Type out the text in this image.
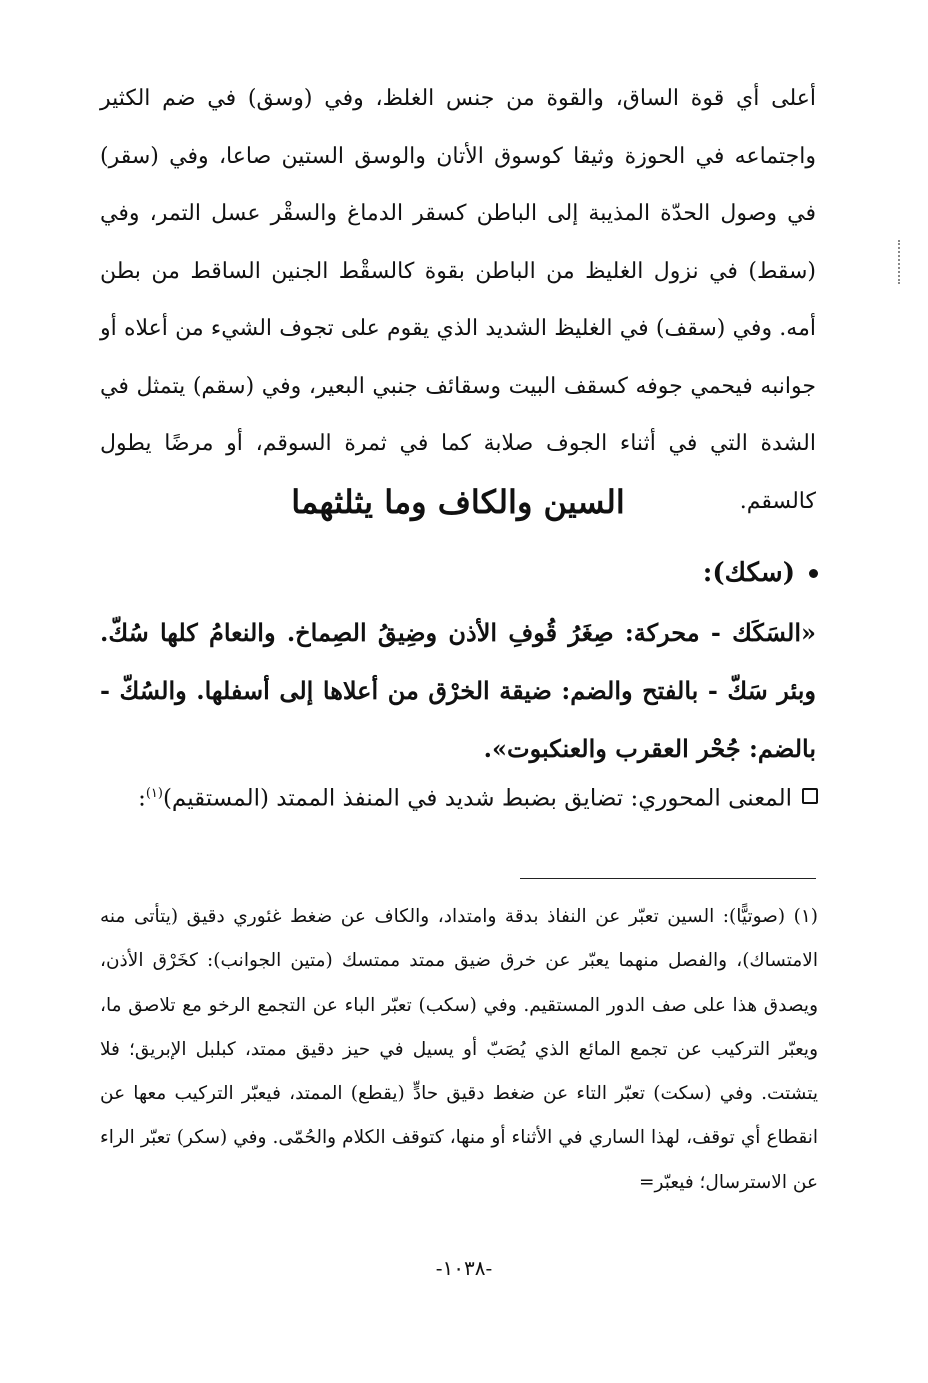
أعلى أي قوة الساق، والقوة من جنس الغلظ، وفي (وسق) في ضم الكثير واجتماعه في الحوزة وثيقا كوسوق الأتان والوسق الستين صاعا، وفي (سقر) في وصول الحدّة المذيبة إلى الباطن كسقر الدماغ والسقْر عسل التمر، وفي (سقط) في نزول الغليظ من الباطن بقوة كالسقْط الجنين الساقط من بطن أمه. وفي (سقف) في الغليظ الشديد الذي يقوم على تجوف الشيء من أعلاه أو جوانبه فيحمي جوفه كسقف البيت وسقائف جنبي البعير، وفي (سقم) يتمثل في الشدة التي في أثناء الجوف صلابة كما في ثمرة السوقم، أو مرضًا يطول كالسقم.

السين والكاف وما يثلثهما
(سكك):

«السَكَك - محركة: صِغَرُ قُوفِ الأذن وضِيقُ الصِماخ. والنعامُ كلها سُكّ. وبئر سَكّ - بالفتح والضم: ضيقة الخرْق من أعلاها إلى أسفلها. والسُكّ - بالضم: جُحْر العقرب والعنكبوت».

المعنى المحوري: تضايق بضبط شديد في المنفذ الممتد (المستقيم)$^{(١)}$:

(١) (صوتيًّا): السين تعبّر عن النفاذ بدقة وامتداد، والكاف عن ضغط غئوري دقيق (يتأتى منه الامتساك)، والفصل منهما يعبّر عن خرق ضيق ممتد ممتسك (متين الجوانب): كخَرْق الأذن، ويصدق هذا على صف الدور المستقيم. وفي (سكب) تعبّر الباء عن التجمع الرخو مع تلاصق ما، ويعبّر التركيب عن تجمع المائع الذي يُصَبّ أو يسيل في حيز دقيق ممتد، كبلبل الإبريق؛ فلا يتشتت. وفي (سكت) تعبّر التاء عن ضغط دقيق حادٍّ (يقطع) الممتد، فيعبّر التركيب معها عن انقطاع أي توقف، لهذا الساري في الأثناء أو منها، كتوقف الكلام والحُمّى. وفي (سكر) تعبّر الراء عن الاسترسال؛ فيعبّر=

-١٠٣٨-
